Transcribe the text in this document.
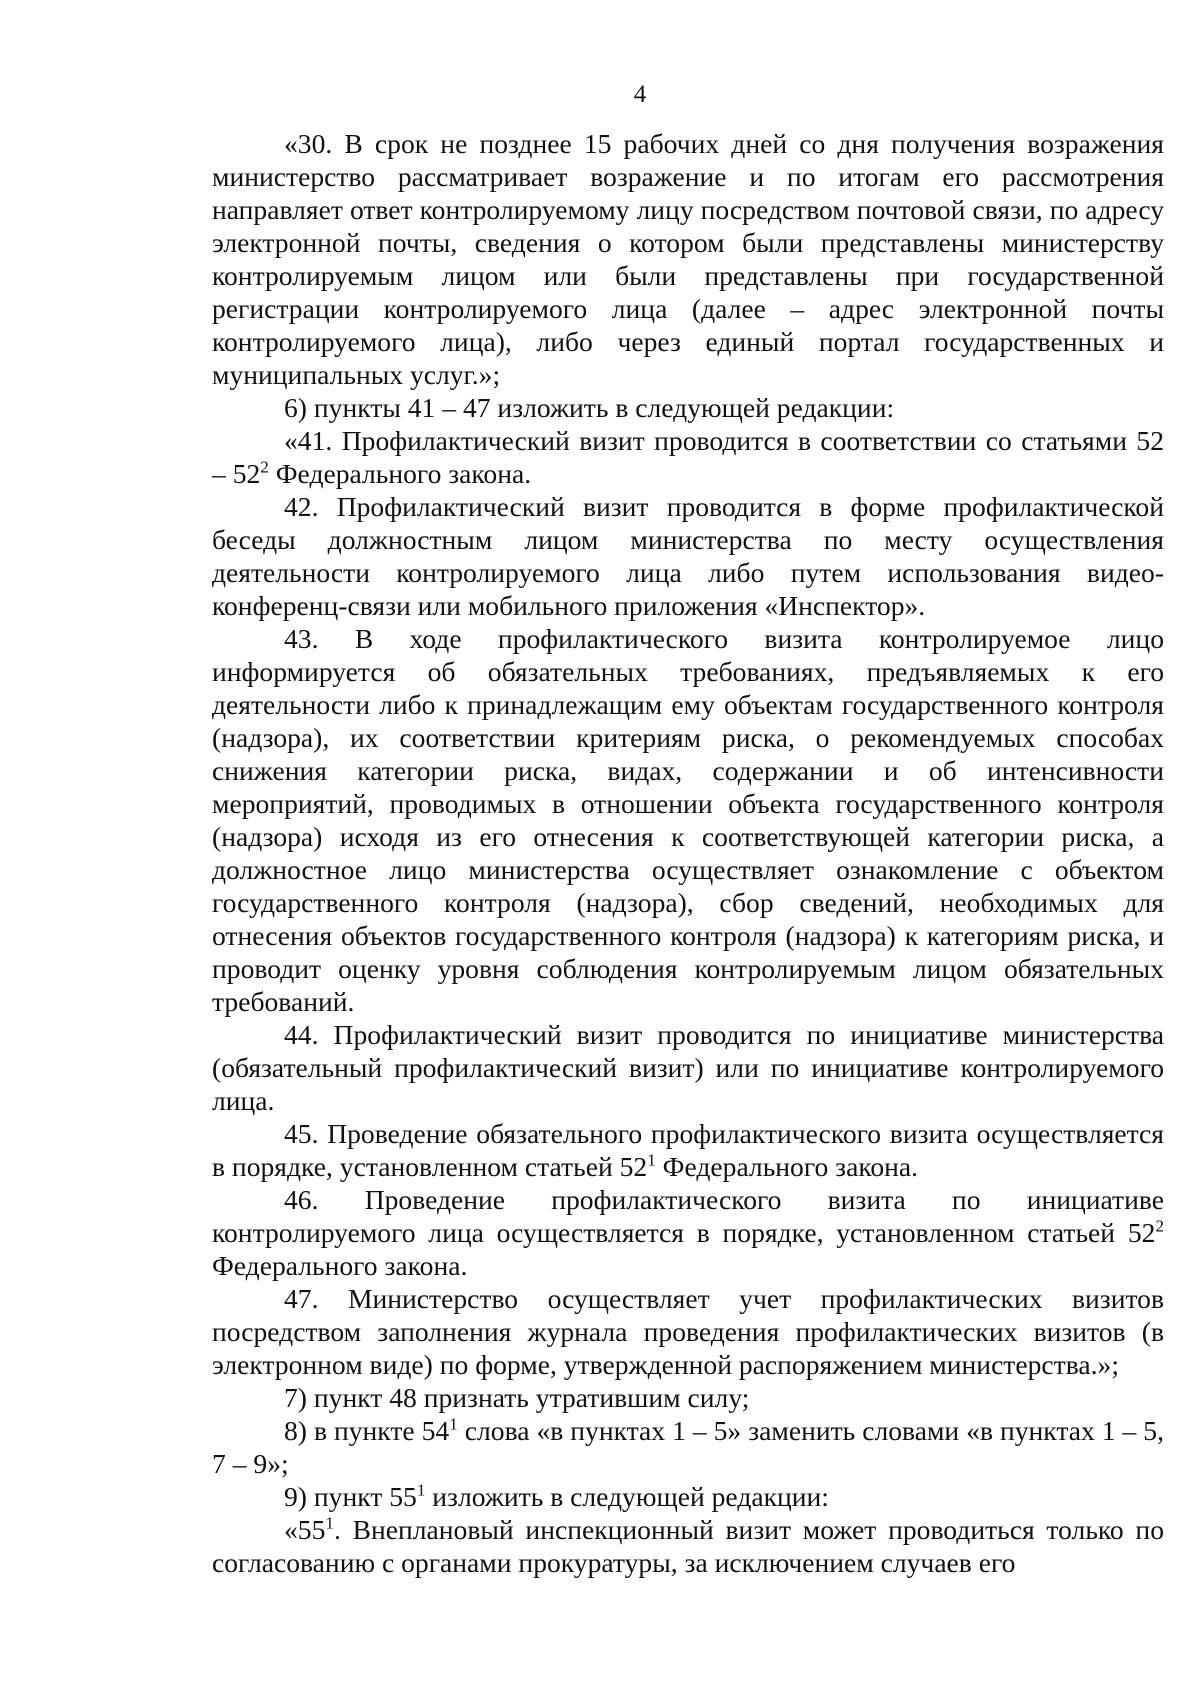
4

«30. В срок не позднее 15 рабочих дней со дня получения возражения министерство рассматривает возражение и по итогам его рассмотрения направляет ответ контролируемому лицу посредством почтовой связи, по адресу электронной почты, сведения о котором были представлены министерству контролируемым лицом или были представлены при государственной регистрации контролируемого лица (далее – адрес электронной почты контролируемого лица), либо через единый портал государственных и муниципальных услуг.»;

6) пункты 41 – 47 изложить в следующей редакции:

«41. Профилактический визит проводится в соответствии со статьями $52 - 52^2$ Федерального закона.

42. Профилактический визит проводится в форме профилактической беседы должностным лицом министерства по месту осуществления деятельности контролируемого лица либо путем использования видео-конференц-связи или мобильного приложения «Инспектор».

43. В ходе профилактического визита контролируемое лицо информируется об обязательных требованиях, предъявляемых к его деятельности либо к принадлежащим ему объектам государственного контроля (надзора), их соответствии критериям риска, о рекомендуемых способах снижения категории риска, видах, содержании и об интенсивности мероприятий, проводимых в отношении объекта государственного контроля (надзора) исходя из его отнесения к соответствующей категории риска, а должностное лицо министерства осуществляет ознакомление с объектом государственного контроля (надзора), сбор сведений, необходимых для отнесения объектов государственного контроля (надзора) к категориям риска, и проводит оценку уровня соблюдения контролируемым лицом обязательных требований.

44. Профилактический визит проводится по инициативе министерства (обязательный профилактический визит) или по инициативе контролируемого лица.

45. Проведение обязательного профилактического визита осуществляется в порядке, установленном статьей $52^1$ Федерального закона.

46. Проведение профилактического визита по инициативе контролируемого лица осуществляется в порядке, установленном статьей $52^2$ Федерального закона.

47. Министерство осуществляет учет профилактических визитов посредством заполнения журнала проведения профилактических визитов (в электронном виде) по форме, утвержденной распоряжением министерства.»;

7) пункт 48 признать утратившим силу;

8) в пункте $54^1$ слова «в пунктах 1 – 5» заменить словами «в пунктах 1 – 5, 7 – 9»;

9) пункт $55^1$ изложить в следующей редакции:

«$55^1$. Внеплановый инспекционный визит может проводиться только по согласованию с органами прокуратуры, за исключением случаев его
